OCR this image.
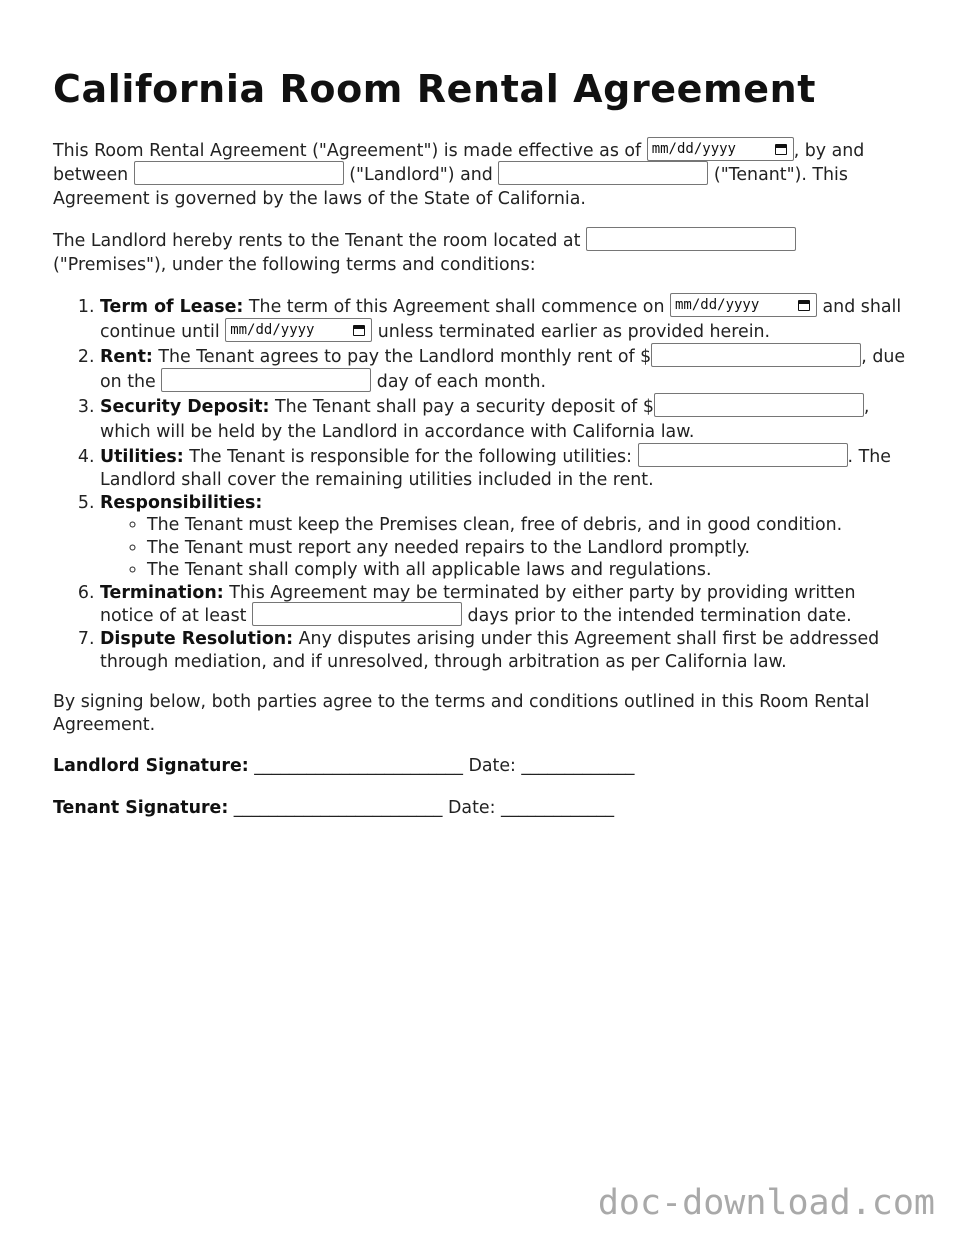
California Room Rental Agreement

This Room Rental Agreement ("Agreement") is made effective as of mm/dd/yyyy	, by and between	("Landlord") and	("Tenant"). This Agreement is governed by the laws of the State of California.

The Landlord hereby rents to the Tenant the room located at  ("Premises"), under the following terms and conditions:

1. Term of Lease: The term of this Agreement shall commence on mm/dd/yyyy	and shall continue until mm/dd/yyyy	unless terminated earlier as provided herein.
2. Rent: The Tenant agrees to pay the Landlord monthly rent of $	, due on the	day of each month.
3. Security Deposit: The Tenant shall pay a security deposit of $	, which will be held by the Landlord in accordance with California law.
4. Utilities: The Tenant is responsible for the following utilities:	. The Landlord shall cover the remaining utilities included in the rent.
5. Responsibilities:
◦ The Tenant must keep the Premises clean, free of debris, and in good condition.
◦ The Tenant must report any needed repairs to the Landlord promptly.
◦ The Tenant shall comply with all applicable laws and regulations.
6. Termination: This Agreement may be terminated by either party by providing written notice of at least	days prior to the intended termination date.
7. Dispute Resolution: Any disputes arising under this Agreement shall first be addressed through mediation, and if unresolved, through arbitration as per California law.

By signing below, both parties agree to the terms and conditions outlined in this Room Rental Agreement.

Landlord Signature: ________________________ Date: _____________

Tenant Signature: ________________________ Date: _____________

doc-download.com
